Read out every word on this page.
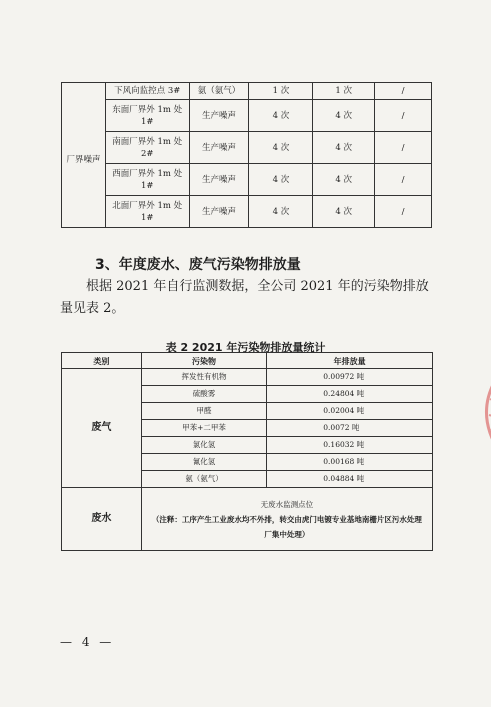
	下风向监控点 3#	氨（氨气）	1 次	1 次	/
	东面厂界外 1m 处 1#	生产噪声	4 次	4 次	/
	南面厂界外 1m 处 2#	生产噪声	4 次	4 次	/
	西面厂界外 1m 处 1#	生产噪声	4 次	4 次	/
	北面厂界外 1m 处 1#	生产噪声	4 次	4 次	/
厂界噪声
3、年度废水、废气污染物排放量
根据 2021 年自行监测数据，全公司 2021 年的污染物排放量见表 2。
表 2 2021 年污染物排放量统计
类别	污染物	年排放量
废气	挥发性有机物	0.00972 吨
	硫酸雾	0.24804 吨
	甲醛	0.02004 吨
	甲苯+二甲苯	0.0072 吨
	氯化氢	0.16032 吨
	氰化氢	0.00168 吨
	氨（氨气）	0.04884 吨
废水	无废水监测点位
（注释：工序产生工业废水均不外排，转交由虎门电镀专业基地南栅片区污水处理厂集中处理）	
— 4 —
